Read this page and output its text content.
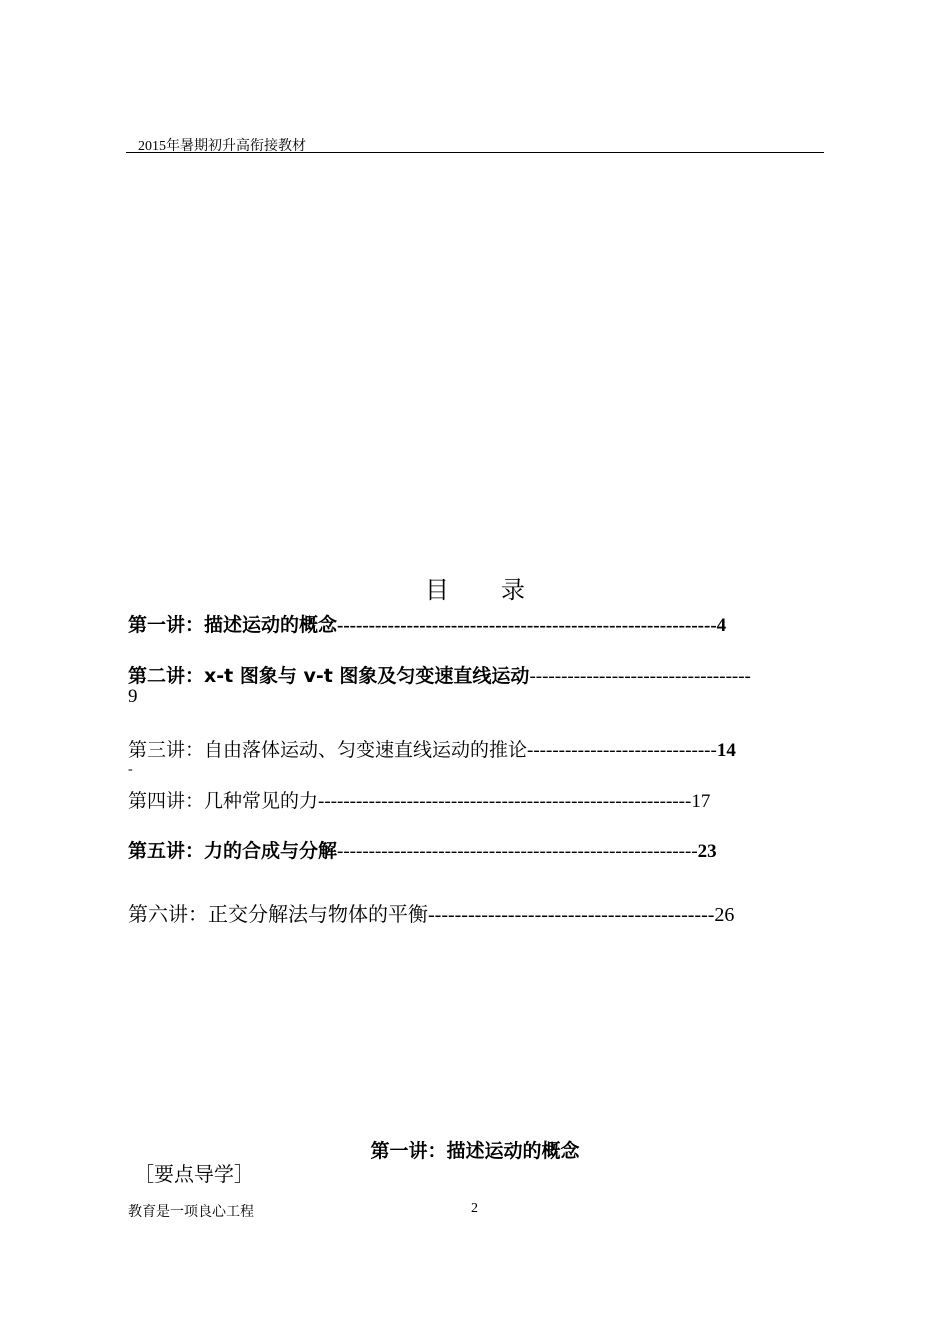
2015年暑期初升高衔接教材
目 录
第一讲：描述运动的概念------------------------------------------------------------4
第二讲：x-t 图象与 v-t 图象及匀变速直线运动-----------------------------------
9
第三讲：自由落体运动、匀变速直线运动的推论------------------------------14
-
第四讲：几种常见的力-----------------------------------------------------------17
第五讲：力的合成与分解---------------------------------------------------------23
第六讲：正交分解法与物体的平衡-------------------------------------------26
第一讲：描述运动的概念
［要点导学］
教育是一项良心工程	2
